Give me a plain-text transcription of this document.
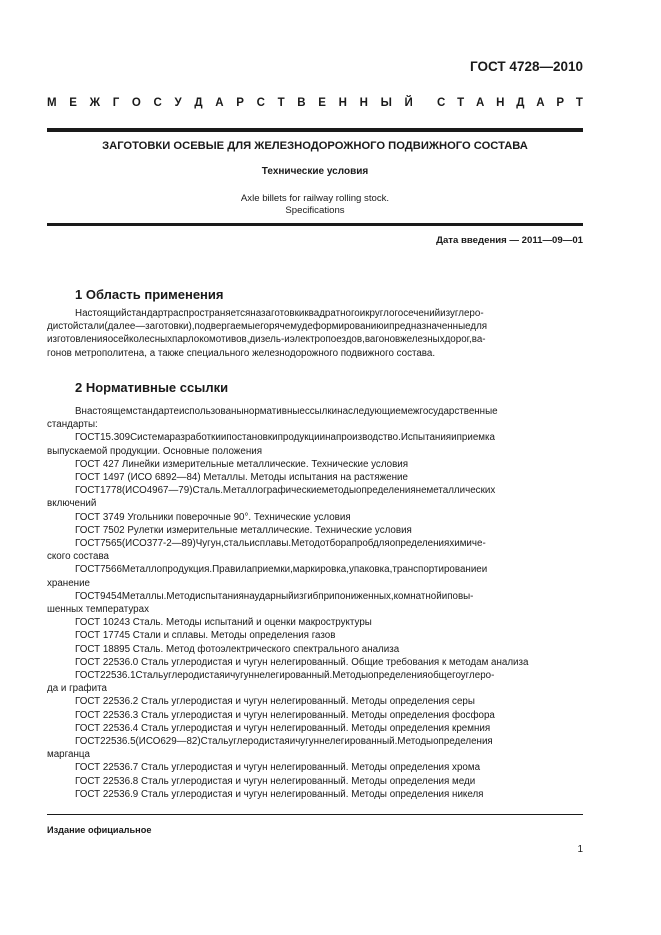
ГОСТ 4728—2010
М Е Ж Г О С У Д А Р С Т В Е Н Н Ы Й С Т А Н Д А Р Т
ЗАГОТОВКИ ОСЕВЫЕ ДЛЯ ЖЕЛЕЗНОДОРОЖНОГО ПОДВИЖНОГО СОСТАВА
Технические условия
Axle billets for railway rolling stock.
Specifications
Дата введения — 2011—09—01
1 Область применения
Настоящийстандартраспространяетсяназаготовкиквадратногоикруглогосеченийизуглеро-
дистойстали(далее—заготовки),подвергаемыегорячемудеформированиюипредназначенныедля
изготовленияосейколесныхпарлокомотивов,дизель-иэлектропоездов,вагоновжелезныхдорог,ва-
гонов метрополитена, а также специального железнодорожного подвижного состава.
2 Нормативные ссылки
Внастоящемстандартеиспользованынормативныессылкинаследующиемежгосударственные
стандарты:
ГОСТ15.309Системаразработкиипостановкипродукциинапроизводство.Испытанияиприемка
выпускаемой продукции. Основные положения
ГОСТ 427 Линейки измерительные металлические. Технические условия
ГОСТ 1497 (ИСО 6892—84) Металлы. Методы испытания на растяжение
ГОСТ1778(ИСО4967—79)Сталь.Металлографическиеметодыопределениянеметаллических
включений
ГОСТ 3749 Угольники поверочные 90°. Технические условия
ГОСТ 7502 Рулетки измерительные металлические. Технические условия
ГОСТ7565(ИСО377-2—89)Чугун,стальисплавы.Методотборапробдляопределенияхимиче-
ского состава
ГОСТ7566Металлопродукция.Правилаприемки,маркировка,упаковка,транспортированиеи
хранение
ГОСТ9454Металлы.Методиспытаниянаударныйизгибприпониженных,комнатнойиповы-
шенных температурах
ГОСТ 10243 Сталь. Методы испытаний и оценки макроструктуры
ГОСТ 17745 Стали и сплавы. Методы определения газов
ГОСТ 18895 Сталь. Метод фотоэлектрического спектрального анализа
ГОСТ 22536.0 Сталь углеродистая и чугун нелегированный. Общие требования к методам анализа
ГОСТ22536.1Стальуглеродистаяичугуннелегированный.Методыопределенияобщегоуглеро-
да и графита
ГОСТ 22536.2 Сталь углеродистая и чугун нелегированный. Методы определения серы
ГОСТ 22536.3 Сталь углеродистая и чугун нелегированный. Методы определения фосфора
ГОСТ 22536.4 Сталь углеродистая и чугун нелегированный. Методы определения кремния
ГОСТ22536.5(ИСО629—82)Стальуглеродистаяичугуннелегированный.Методыопределения
марганца
ГОСТ 22536.7 Сталь углеродистая и чугун нелегированный. Методы определения хрома
ГОСТ 22536.8 Сталь углеродистая и чугун нелегированный. Методы определения меди
ГОСТ 22536.9 Сталь углеродистая и чугун нелегированный. Методы определения никеля
Издание официальное
1
